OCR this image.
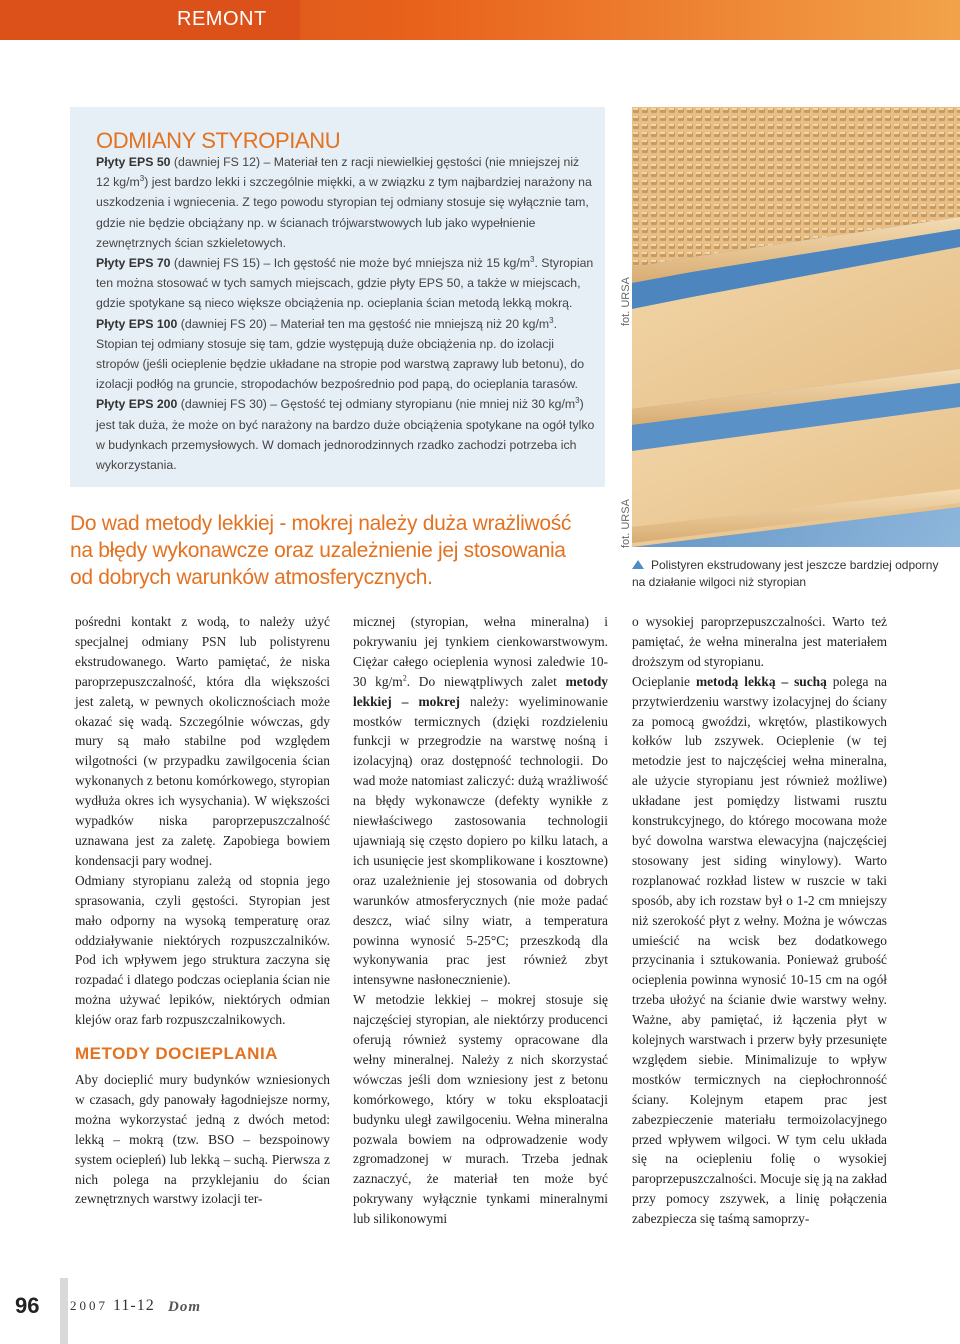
REMONT
ODMIANY STYROPIANU

Płyty EPS 50 (dawniej FS 12) – Materiał ten z racji niewielkiej gęstości (nie mniejszej niż 12 $kg/m^3$) jest bardzo lekki i szczególnie miękki, a w związku z tym najbardziej narażony na uszkodzenia i wgniecenia. Z tego powodu styropian tej odmiany stosuje się wyłącznie tam, gdzie nie będzie obciążany np. w ścianach trójwarstwowych lub jako wypełnienie zewnętrznych ścian szkieletowych.

Płyty EPS 70 (dawniej FS 15) – Ich gęstość nie może być mniejsza niż 15 $kg/m^3$. Styropian ten można stosować w tych samych miejscach, gdzie płyty EPS 50, a także w miejscach, gdzie spotykane są nieco większe obciążenia np. ocieplania ścian metodą lekką mokrą.

Płyty EPS 100 (dawniej FS 20) – Materiał ten ma gęstość nie mniejszą niż 20 $kg/m^3$. Stopian tej odmiany stosuje się tam, gdzie występują duże obciążenia np. do izolacji stropów (jeśli ocieplenie będzie układane na stropie pod warstwą zaprawy lub betonu), do izolacji podłóg na gruncie, stropodachów bezpośrednio pod papą, do ocieplania tarasów.

Płyty EPS 200 (dawniej FS 30) – Gęstość tej odmiany styropianu (nie mniej niż 30 $kg/m^3$) jest tak duża, że może on być narażony na bardzo duże obciążenia spotykane na ogół tylko w budynkach przemysłowych. W domach jednorodzinnych rzadko zachodzi potrzeba ich wykorzystania.

Do wad metody lekkiej - mokrej należy duża wrażliwość na błędy wykonawcze oraz uzależnienie jej stosowania od dobrych warunków atmosferycznych.

fot. URSA
fot. URSA

Polistyren ekstrudowany jest jeszcze bardziej odporny na działanie wilgoci niż styropian

pośredni kontakt z wodą, to należy użyć specjalnej odmiany PSN lub polistyrenu ekstrudowanego. Warto pamiętać, że niska paroprzepuszczalność, która dla większości jest zaletą, w pewnych okolicznościach może okazać się wadą. Szczególnie wówczas, gdy mury są mało stabilne pod względem wilgotności (w przypadku zawilgocenia ścian wykonanych z betonu komórkowego, styropian wydłuża okres ich wysychania). W większości wypadków niska paroprzepuszczalność uznawana jest za zaletę. Zapobiega bowiem kondensacji pary wodnej.

Odmiany styropianu zależą od stopnia jego sprasowania, czyli gęstości. Styropian jest mało odporny na wysoką temperaturę oraz oddziaływanie niektórych rozpuszczalników. Pod ich wpływem jego struktura zaczyna się rozpadać i dlatego podczas ocieplania ścian nie można używać lepików, niektórych odmian klejów oraz farb rozpuszczalnikowych.

METODY DOCIEPLANIA

Aby docieplić mury budynków wzniesionych w czasach, gdy panowały łagodniejsze normy, można wykorzystać jedną z dwóch metod: lekką – mokrą (tzw. BSO – bezspoinowy system ociepleń) lub lekką – suchą. Pierwsza z nich polega na przyklejaniu do ścian zewnętrznych warstwy izolacji ter-

micznej (styropian, wełna mineralna) i pokrywaniu jej tynkiem cienkowarstwowym. Ciężar całego ocieplenia wynosi zaledwie 10-30 $kg/m^2$. Do niewątpliwych zalet metody lekkiej – mokrej należy: wyeliminowanie mostków termicznych (dzięki rozdzieleniu funkcji w przegrodzie na warstwę nośną i izolacyjną) oraz dostępność technologii. Do wad może natomiast zaliczyć: dużą wrażliwość na błędy wykonawcze (defekty wynikłe z niewłaściwego zastosowania technologii ujawniają się często dopiero po kilku latach, a ich usunięcie jest skomplikowane i kosztowne) oraz uzależnienie jej stosowania od dobrych warunków atmosferycznych (nie może padać deszcz, wiać silny wiatr, a temperatura powinna wynosić 5-25°C; przeszkodą dla wykonywania prac jest również zbyt intensywne nasłonecznienie).

W metodzie lekkiej – mokrej stosuje się najczęściej styropian, ale niektórzy producenci oferują również systemy opracowane dla wełny mineralnej. Należy z nich skorzystać wówczas jeśli dom wzniesiony jest z betonu komórkowego, który w toku eksploatacji budynku uległ zawilgoceniu. Wełna mineralna pozwala bowiem na odprowadzenie wody zgromadzonej w murach. Trzeba jednak zaznaczyć, że materiał ten może być pokrywany wyłącznie tynkami mineralnymi lub silikonowymi

o wysokiej paroprzepuszczalności. Warto też pamiętać, że wełna mineralna jest materiałem droższym od styropianu.

Ocieplanie metodą lekką – suchą polega na przytwierdzeniu warstwy izolacyjnej do ściany za pomocą gwoździ, wkrętów, plastikowych kołków lub zszywek. Ocieplenie (w tej metodzie jest to najczęściej wełna mineralna, ale użycie styropianu jest również możliwe) układane jest pomiędzy listwami rusztu konstrukcyjnego, do którego mocowana może być dowolna warstwa elewacyjna (najczęściej stosowany jest siding winylowy). Warto rozplanować rozkład listew w ruszcie w taki sposób, aby ich rozstaw był o 1-2 cm mniejszy niż szerokość płyt z wełny. Można je wówczas umieścić na wcisk bez dodatkowego przycinania i sztukowania. Ponieważ grubość ocieplenia powinna wynosić 10-15 cm na ogół trzeba ułożyć na ścianie dwie warstwy wełny. Ważne, aby pamiętać, iż łączenia płyt w kolejnych warstwach i przerw były przesunięte względem siebie. Minimalizuje to wpływ mostków termicznych na ciepłochronność ściany. Kolejnym etapem prac jest zabezpieczenie materiału termoizolacyjnego przed wpływem wilgoci. W tym celu układa się na ociepleniu folię o wysokiej paroprzepuszczalności. Mocuje się ją na zakład przy pomocy zszywek, a linię połączenia zabezpiecza się taśmą samoprzy-

96 2007 11-12 Dom
